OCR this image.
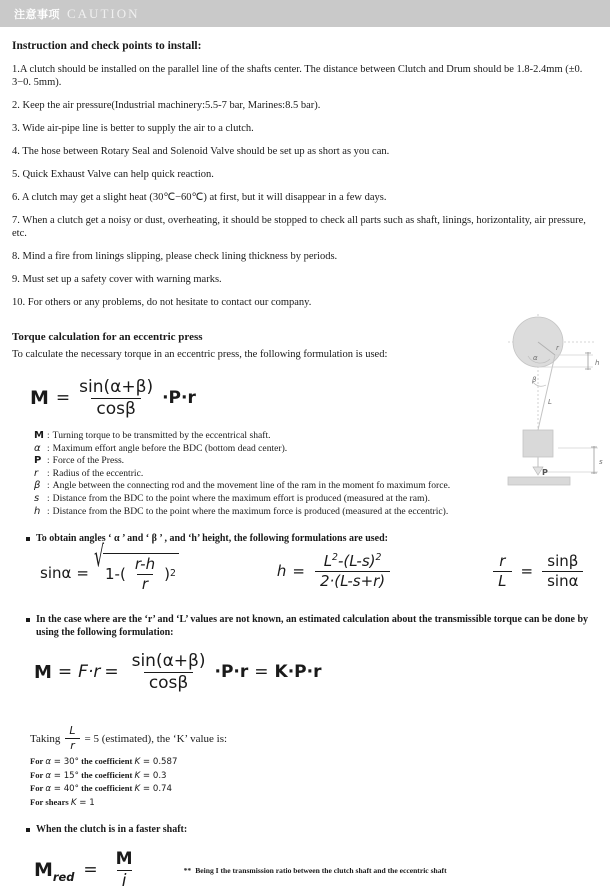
注意事项 CAUTION
Instruction and check points to install:
1.A clutch should be installed on the parallel line of the shafts center. The distance between Clutch and Drum should be 1.8-2.4mm (±0. 3−0. 5mm).
2. Keep the air pressure(Industrial machinery:5.5-7 bar, Marines:8.5 bar).
3. Wide air-pipe line is better to supply the air to a clutch.
4. The hose between Rotary Seal and Solenoid Valve should be set up as short as you can.
5. Quick Exhaust Valve can help quick reaction.
6. A clutch may get a slight heat (30℃−60℃) at first, but it will disappear in a few days.
7. When a clutch get a noisy or dust, overheating, it should be stopped to check all parts such as shaft, linings, horizontality, air pressure, etc.
8. Mind a fire from linings slipping, please check lining thickness by periods.
9. Must set up a safety cover with warning marks.
10. For others or any problems, do not hesitate to contact our company.
Torque calculation for an eccentric press
To calculate the necessary torque in an eccentric press, the following formulation is used:
$M = \frac{\sin(\alpha+\beta)}{\cos\beta} \cdot P\cdot r$
M : Turning torque to be transmitted by the eccentrical shaft.
α : Maximum effort angle before the BDC (bottom dead center).
P : Force of the Press.
r : Radius of the eccentric.
β : Angle between the connecting rod and the movement line of the ram in the moment fo maximum force.
s : Distance from the BDC to the point where the maximum effort is produced (measured at the ram).
h : Distance from the BDC to the point where the maximum force is produced (measured at the eccentric).
To obtain angles ‘ α ’ and ‘ β ’ , and ‘h’ height, the following formulations are used:
sinα = √
$1-( \frac{r-h}{r}$ ) 2	$h = \frac{L^2-(L-s)^2}{2\cdot(L-s+r)}$	$\frac{r}{L} = \frac{\sin\beta}{\sin\alpha}$
In the case where are the ‘r’ and ‘L’ values are not known, an estimated calculation about the transmissible torque can be done by using the following formulation:
$M = F\cdot r = \frac{\sin(\alpha+\beta)}{\cos\beta} \cdot P\cdot r = K\cdot P\cdot r$
Taking $\frac{L}{r} = 5$ (estimated), the ‘K’ value is:
For α = 30° the coefficient K = 0.587
For α = 15° the coefficient K = 0.3
For α = 40° the coefficient K = 0.74
For shears K = 1
When the clutch is in a faster shaft:
$M_{red} = \frac{M}{i}$	** Being I the transmission ratio between the clutch shaft and the eccentric shaft
r
α
h
β
L
s
P
